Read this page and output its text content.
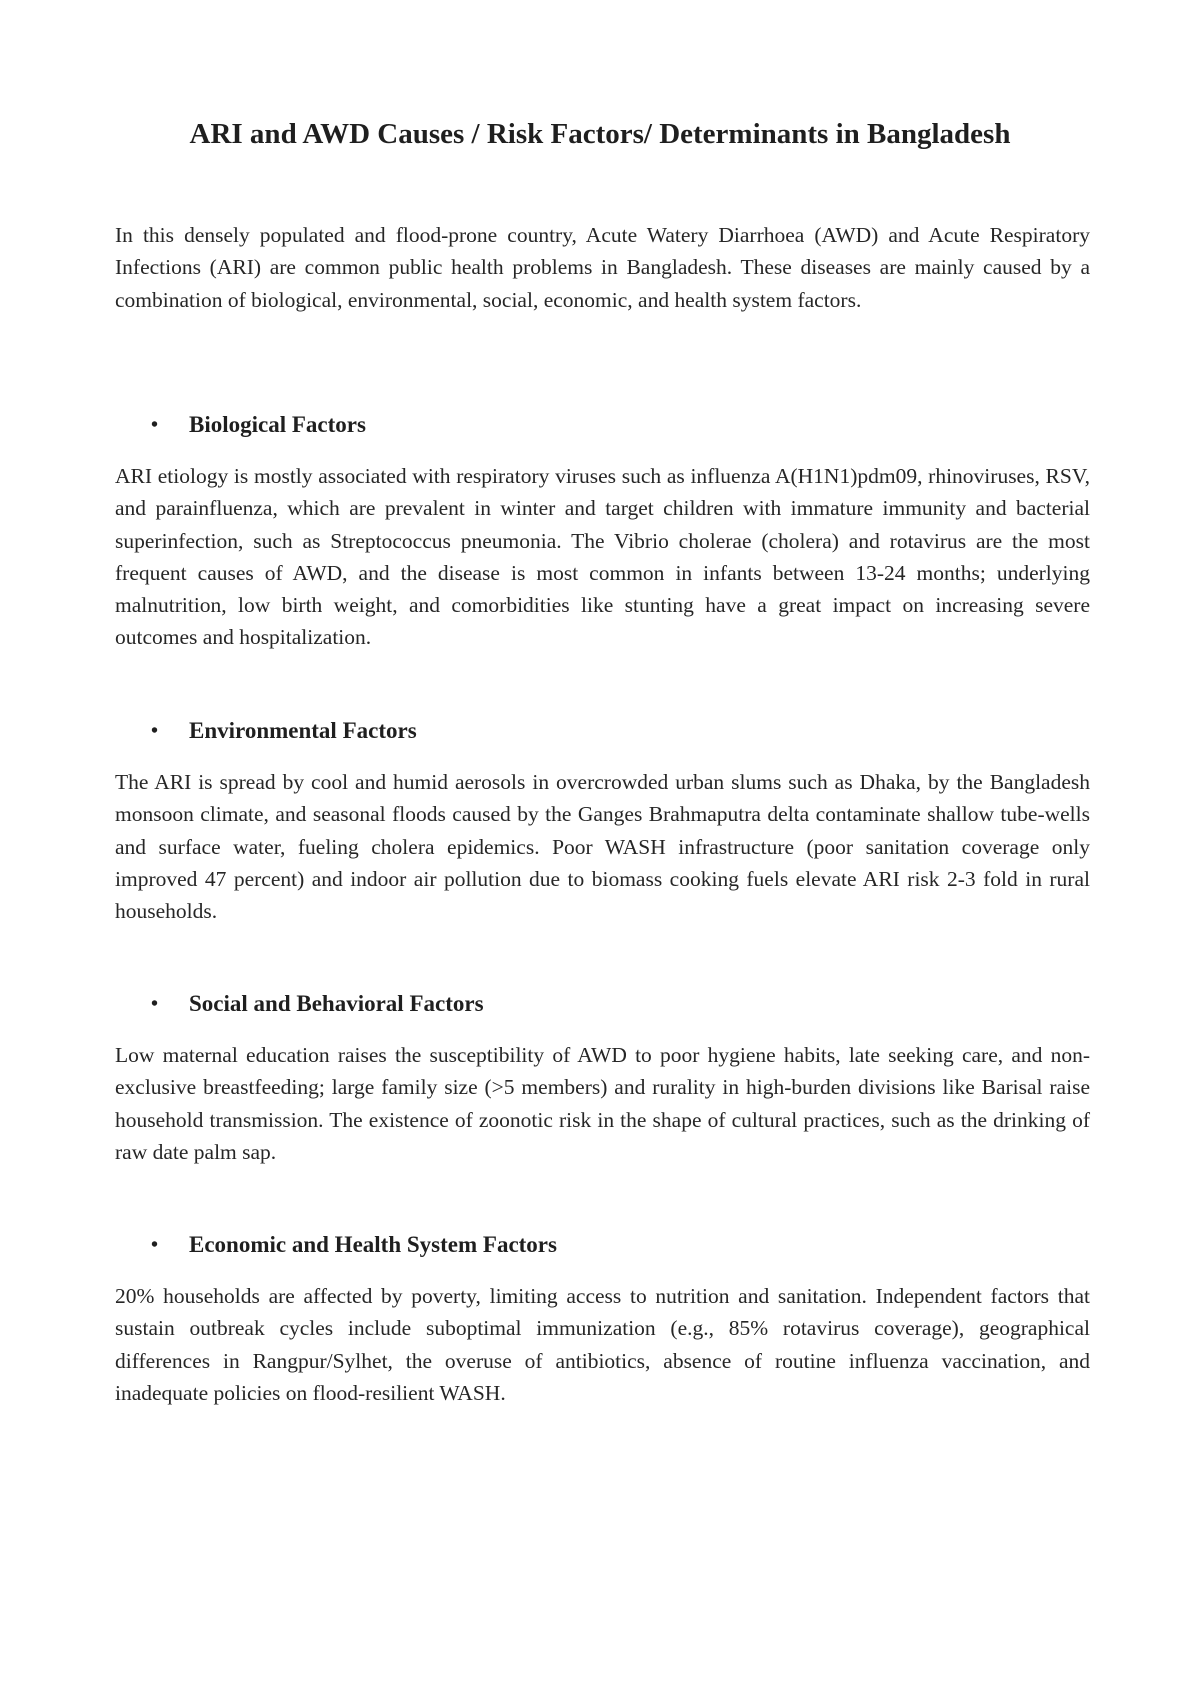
ARI and AWD Causes / Risk Factors/ Determinants in Bangladesh

In this densely populated and flood-prone country, Acute Watery Diarrhoea (AWD) and Acute Respiratory Infections (ARI) are common public health problems in Bangladesh. These diseases are mainly caused by a combination of biological, environmental, social, economic, and health system factors.

• Biological Factors

ARI etiology is mostly associated with respiratory viruses such as influenza A(H1N1)pdm09, rhinoviruses, RSV, and parainfluenza, which are prevalent in winter and target children with immature immunity and bacterial superinfection, such as Streptococcus pneumonia. The Vibrio cholerae (cholera) and rotavirus are the most frequent causes of AWD, and the disease is most common in infants between 13-24 months; underlying malnutrition, low birth weight, and comorbidities like stunting have a great impact on increasing severe outcomes and hospitalization.

• Environmental Factors

The ARI is spread by cool and humid aerosols in overcrowded urban slums such as Dhaka, by the Bangladesh monsoon climate, and seasonal floods caused by the Ganges Brahmaputra delta contaminate shallow tube-wells and surface water, fueling cholera epidemics. Poor WASH infrastructure (poor sanitation coverage only improved 47 percent) and indoor air pollution due to biomass cooking fuels elevate ARI risk 2-3 fold in rural households.

• Social and Behavioral Factors

Low maternal education raises the susceptibility of AWD to poor hygiene habits, late seeking care, and non-exclusive breastfeeding; large family size (>5 members) and rurality in high-burden divisions like Barisal raise household transmission. The existence of zoonotic risk in the shape of cultural practices, such as the drinking of raw date palm sap.

• Economic and Health System Factors

20% households are affected by poverty, limiting access to nutrition and sanitation. Independent factors that sustain outbreak cycles include suboptimal immunization (e.g., 85% rotavirus coverage), geographical differences in Rangpur/Sylhet, the overuse of antibiotics, absence of routine influenza vaccination, and inadequate policies on flood-resilient WASH.
